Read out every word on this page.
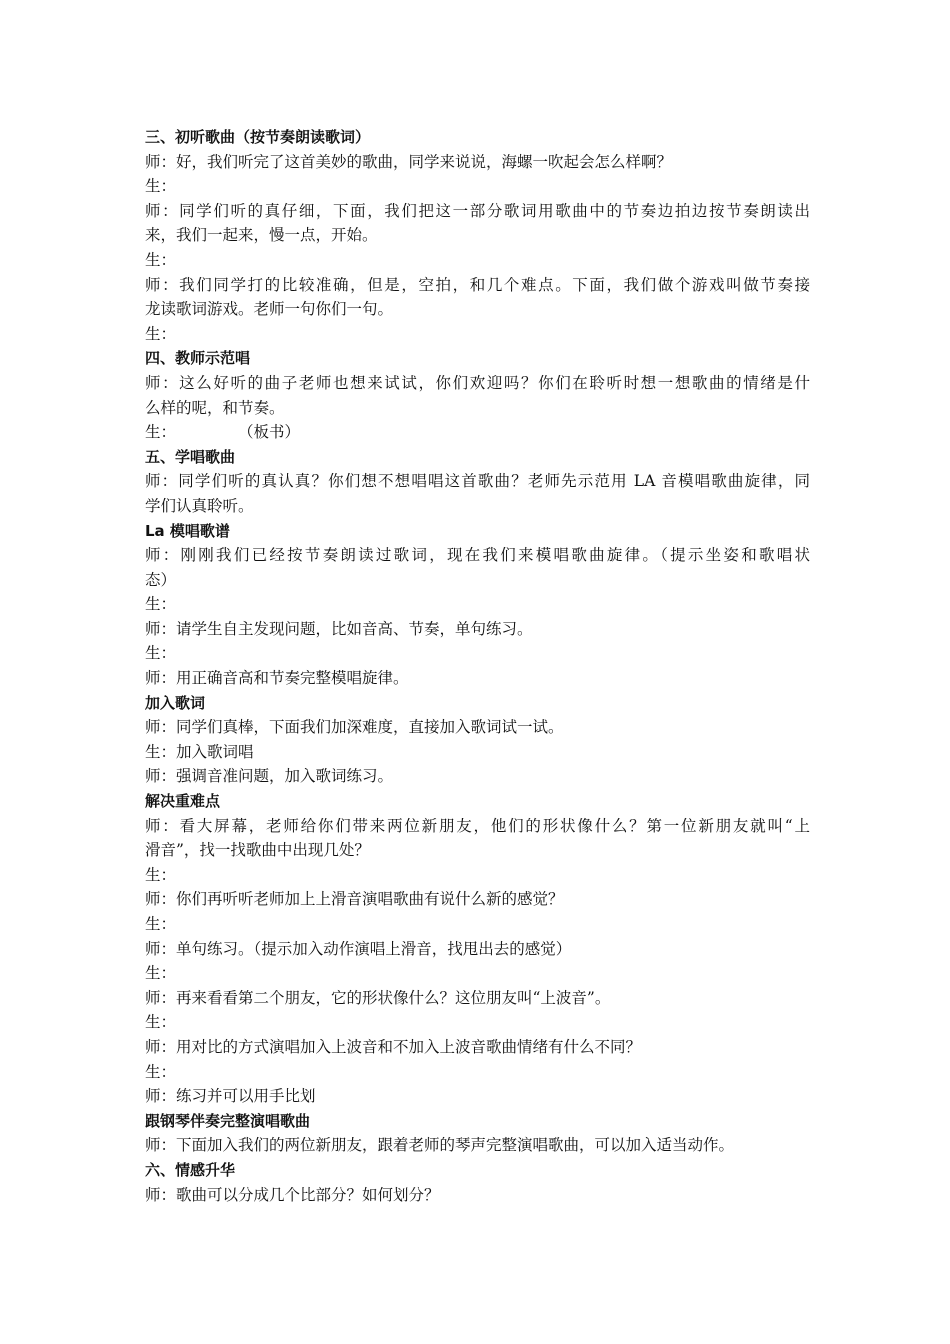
三、初听歌曲（按节奏朗读歌词）
师：好，我们听完了这首美妙的歌曲，同学来说说，海螺一吹起会怎么样啊？
生：
师：同学们听的真仔细，下面，我们把这一部分歌词用歌曲中的节奏边拍边按节奏朗读出
来，我们一起来，慢一点，开始。
生：
师：我们同学打的比较准确，但是，空拍，和几个难点。下面，我们做个游戏叫做节奏接
龙读歌词游戏。老师一句你们一句。
生：
四、教师示范唱
师：这么好听的曲子老师也想来试试，你们欢迎吗？你们在聆听时想一想歌曲的情绪是什
么样的呢，和节奏。
生：　　　　　（板书）
五、学唱歌曲
师：同学们听的真认真？你们想不想唱唱这首歌曲？老师先示范用 LA 音模唱歌曲旋律，同
学们认真聆听。
La 模唱歌谱
师：刚刚我们已经按节奏朗读过歌词，现在我们来模唱歌曲旋律。（提示坐姿和歌唱状
态）
生：
师：请学生自主发现问题，比如音高、节奏，单句练习。
生：
师：用正确音高和节奏完整模唱旋律。
加入歌词
师：同学们真棒，下面我们加深难度，直接加入歌词试一试。
生：加入歌词唱
师：强调音准问题，加入歌词练习。
解决重难点
师：看大屏幕，老师给你们带来两位新朋友，他们的形状像什么？第一位新朋友就叫“上
滑音”，找一找歌曲中出现几处？
生：
师：你们再听听老师加上上滑音演唱歌曲有说什么新的感觉？
生：
师：单句练习。（提示加入动作演唱上滑音，找甩出去的感觉）
生：
师：再来看看第二个朋友，它的形状像什么？这位朋友叫“上波音”。
生：
师：用对比的方式演唱加入上波音和不加入上波音歌曲情绪有什么不同？
生：
师：练习并可以用手比划
跟钢琴伴奏完整演唱歌曲
师：下面加入我们的两位新朋友，跟着老师的琴声完整演唱歌曲，可以加入适当动作。
六、情感升华
师：歌曲可以分成几个比部分？如何划分？
